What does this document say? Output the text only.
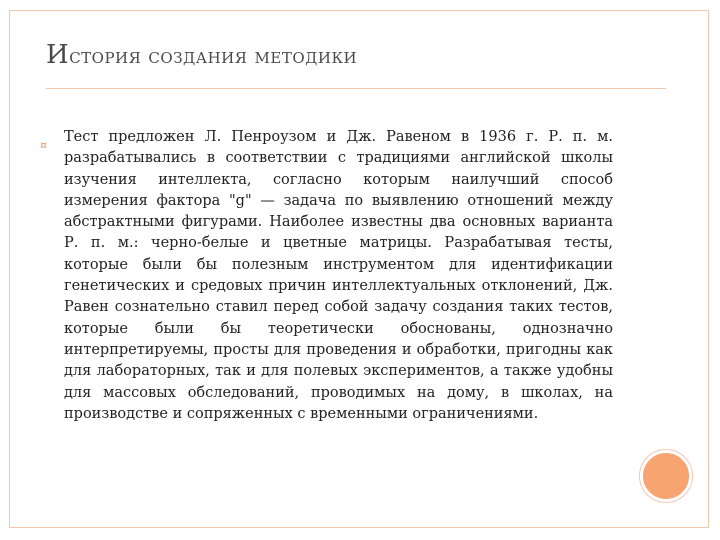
История создания методики
¤

Тест предложен Л. Пенроузом и Дж. Равеном в 1936 г. Р. п. м. разрабатывались в соответствии с традициями английской школы изучения интеллекта, согласно которым наилучший способ измерения фактора "g" — задача по выявлению отношений между абстрактными фигурами. Наиболее известны два основных варианта Р. п. м.: черно-белые и цветные матрицы. Разрабатывая тесты, которые были бы полезным инструментом для идентификации генетических и средовых причин интеллектуальных отклонений, Дж. Равен сознательно ставил перед собой задачу создания таких тестов, которые были бы теоретически обоснованы, однозначно интерпретируемы, просты для проведения и обработки, пригодны как для лабораторных, так и для полевых экспериментов, а также удобны для массовых обследований, проводимых на дому, в школах, на производстве и сопряженных с временными ограничениями.
